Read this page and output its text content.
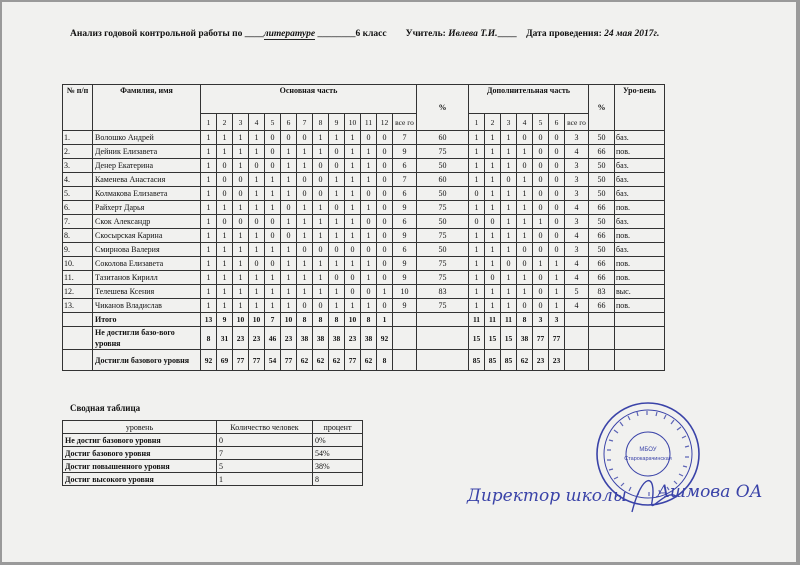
Анализ годовой контрольной работы по ____литературе ________6 класс Учитель: Ивлева Т.И.____ Дата проведения: 24 мая 2017г.
№ п/п	Фамилия, имя	Основная часть													%	Дополнительная часть							%	Уро-вень
		1	2	3	4	5	6	7	8	9	10	11	12	все го		1	2	3	4	5	6	все го		
1.	Волошко Андрей	1	1	1	1	0	0	0	1	1	1	0	0	7	60	1	1	1	0	0	0	3	50	баз.
2.	Дейник Елизавета	1	1	1	1	0	1	1	1	0	1	1	0	9	75	1	1	1	1	0	0	4	66	пов.
3.	Денер Екатерина	1	0	1	0	0	1	1	0	0	1	1	0	6	50	1	1	1	0	0	0	3	50	баз.
4.	Каменева Анастасия	1	0	0	1	1	1	0	0	1	1	1	0	7	60	1	1	0	1	0	0	3	50	баз.
5.	Колмакова Елизавета	1	0	0	1	1	1	0	0	1	1	0	0	6	50	0	1	1	1	0	0	3	50	баз.
6.	Райхерт Дарья	1	1	1	1	1	0	1	1	0	1	1	0	9	75	1	1	1	1	0	0	4	66	пов.
7.	Скок Александр	1	0	0	0	0	1	1	1	1	1	0	0	6	50	0	0	1	1	1	0	3	50	баз.
8.	Скосырская Карина	1	1	1	1	0	0	1	1	1	1	1	0	9	75	1	1	1	1	0	0	4	66	пов.
9.	Смирнова Валерия	1	1	1	1	1	1	0	0	0	0	0	0	6	50	1	1	1	0	0	0	3	50	баз.
10.	Соколова Елизавета	1	1	1	0	0	1	1	1	1	1	1	0	9	75	1	1	0	0	1	1	4	66	пов.
11.	Тазитанов Кирилл	1	1	1	1	1	1	1	1	0	0	1	0	9	75	1	0	1	1	0	1	4	66	пов.
12.	Телешева Ксения	1	1	1	1	1	1	1	1	1	0	0	1	10	83	1	1	1	1	0	1	5	83	выс.
13.	Чиканов Владислав	1	1	1	1	1	1	0	0	1	1	1	0	9	75	1	1	1	0	0	1	4	66	пов.
	Итого	13	9	10	10	7	10	8	8	8	10	8	1			11	11	11	8	3	3			
	Не достигли базо-вого уровня	8	31	23	23	46	23	38	38	38	23	38	92			15	15	15	38	77	77			
	Достигли базового уровня	92	69	77	77	54	77	62	62	62	77	62	8			85	85	85	62	23	23			
Сводная таблица
уровень	Количество человек	процент
Не достиг базового уровня	0	0%
Достиг базового уровня	7	54%
Достиг повышенного уровня	5	38%
Достиг высокого уровня	1	8
МБОУ
Старокарачинская
Директор школы Ашмова ОА
